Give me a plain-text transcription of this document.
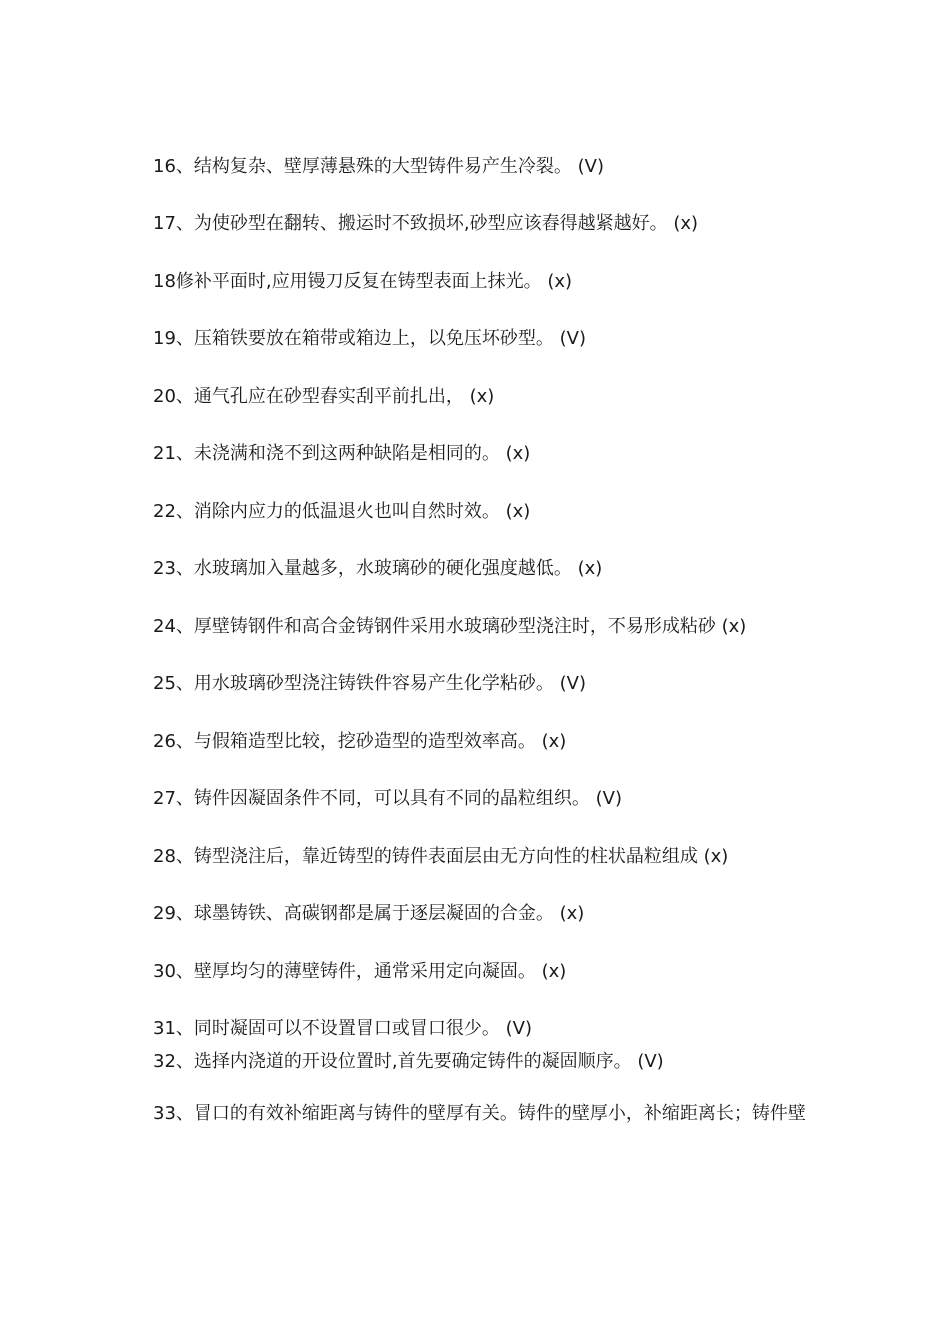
16、结构复杂、壁厚薄悬殊的大型铸件易产生冷裂。 (V)
17、为使砂型在翻转、搬运时不致损坏,砂型应该舂得越紧越好。 (x)
18修补平面时,应用镘刀反复在铸型表面上抹光。 (x)
19、压箱铁要放在箱带或箱边上，以免压坏砂型。 (V)
20、通气孔应在砂型舂实刮平前扎出， (x)
21、未浇满和浇不到这两种缺陷是相同的。 (x)
22、消除内应力的低温退火也叫自然时效。 (x)
23、水玻璃加入量越多，水玻璃砂的硬化强度越低。 (x)
24、厚壁铸钢件和高合金铸钢件采用水玻璃砂型浇注时，不易形成粘砂 (x)
25、用水玻璃砂型浇注铸铁件容易产生化学粘砂。 (V)
26、与假箱造型比较，挖砂造型的造型效率高。 (x)
27、铸件因凝固条件不同，可以具有不同的晶粒组织。 (V)
28、铸型浇注后，靠近铸型的铸件表面层由无方向性的柱状晶粒组成 (x)
29、球墨铸铁、高碳钢都是属于逐层凝固的合金。 (x)
30、壁厚均匀的薄壁铸件，通常采用定向凝固。 (x)
31、同时凝固可以不设置冒口或冒口很少。 (V)
32、选择内浇道的开设位置时,首先要确定铸件的凝固顺序。 (V)
33、冒口的有效补缩距离与铸件的壁厚有关。铸件的壁厚小，补缩距离长；铸件壁
